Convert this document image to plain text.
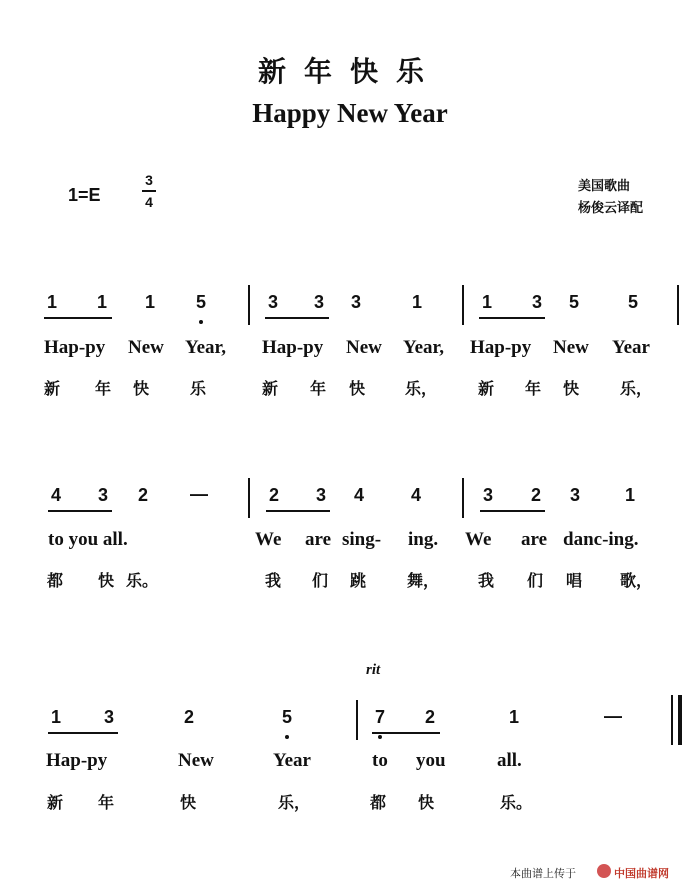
新年快乐
Happy New Year
1=E
3
4
美国歌曲
杨俊云译配
1 1 1 5	3 3 3	1	1 3 5	5
Hap-py New Year, Hap-py New Year, Hap-py New Year
新 年 快	乐	新 年 快 乐，	新 年 快	乐，
4 3 2 —	2 3 4	4	3 2 3 1
to you all.	We are sing- ing. We are danc-ing.
都 快 乐。	我 们 跳	舞， 我 们 唱 歌，
rit
1 3	2	5	7 2	1	—
Hap-py	New	Year	to you	all.
新 年	快	乐，	都 快	乐。
本曲谱上传于	中国曲谱网
